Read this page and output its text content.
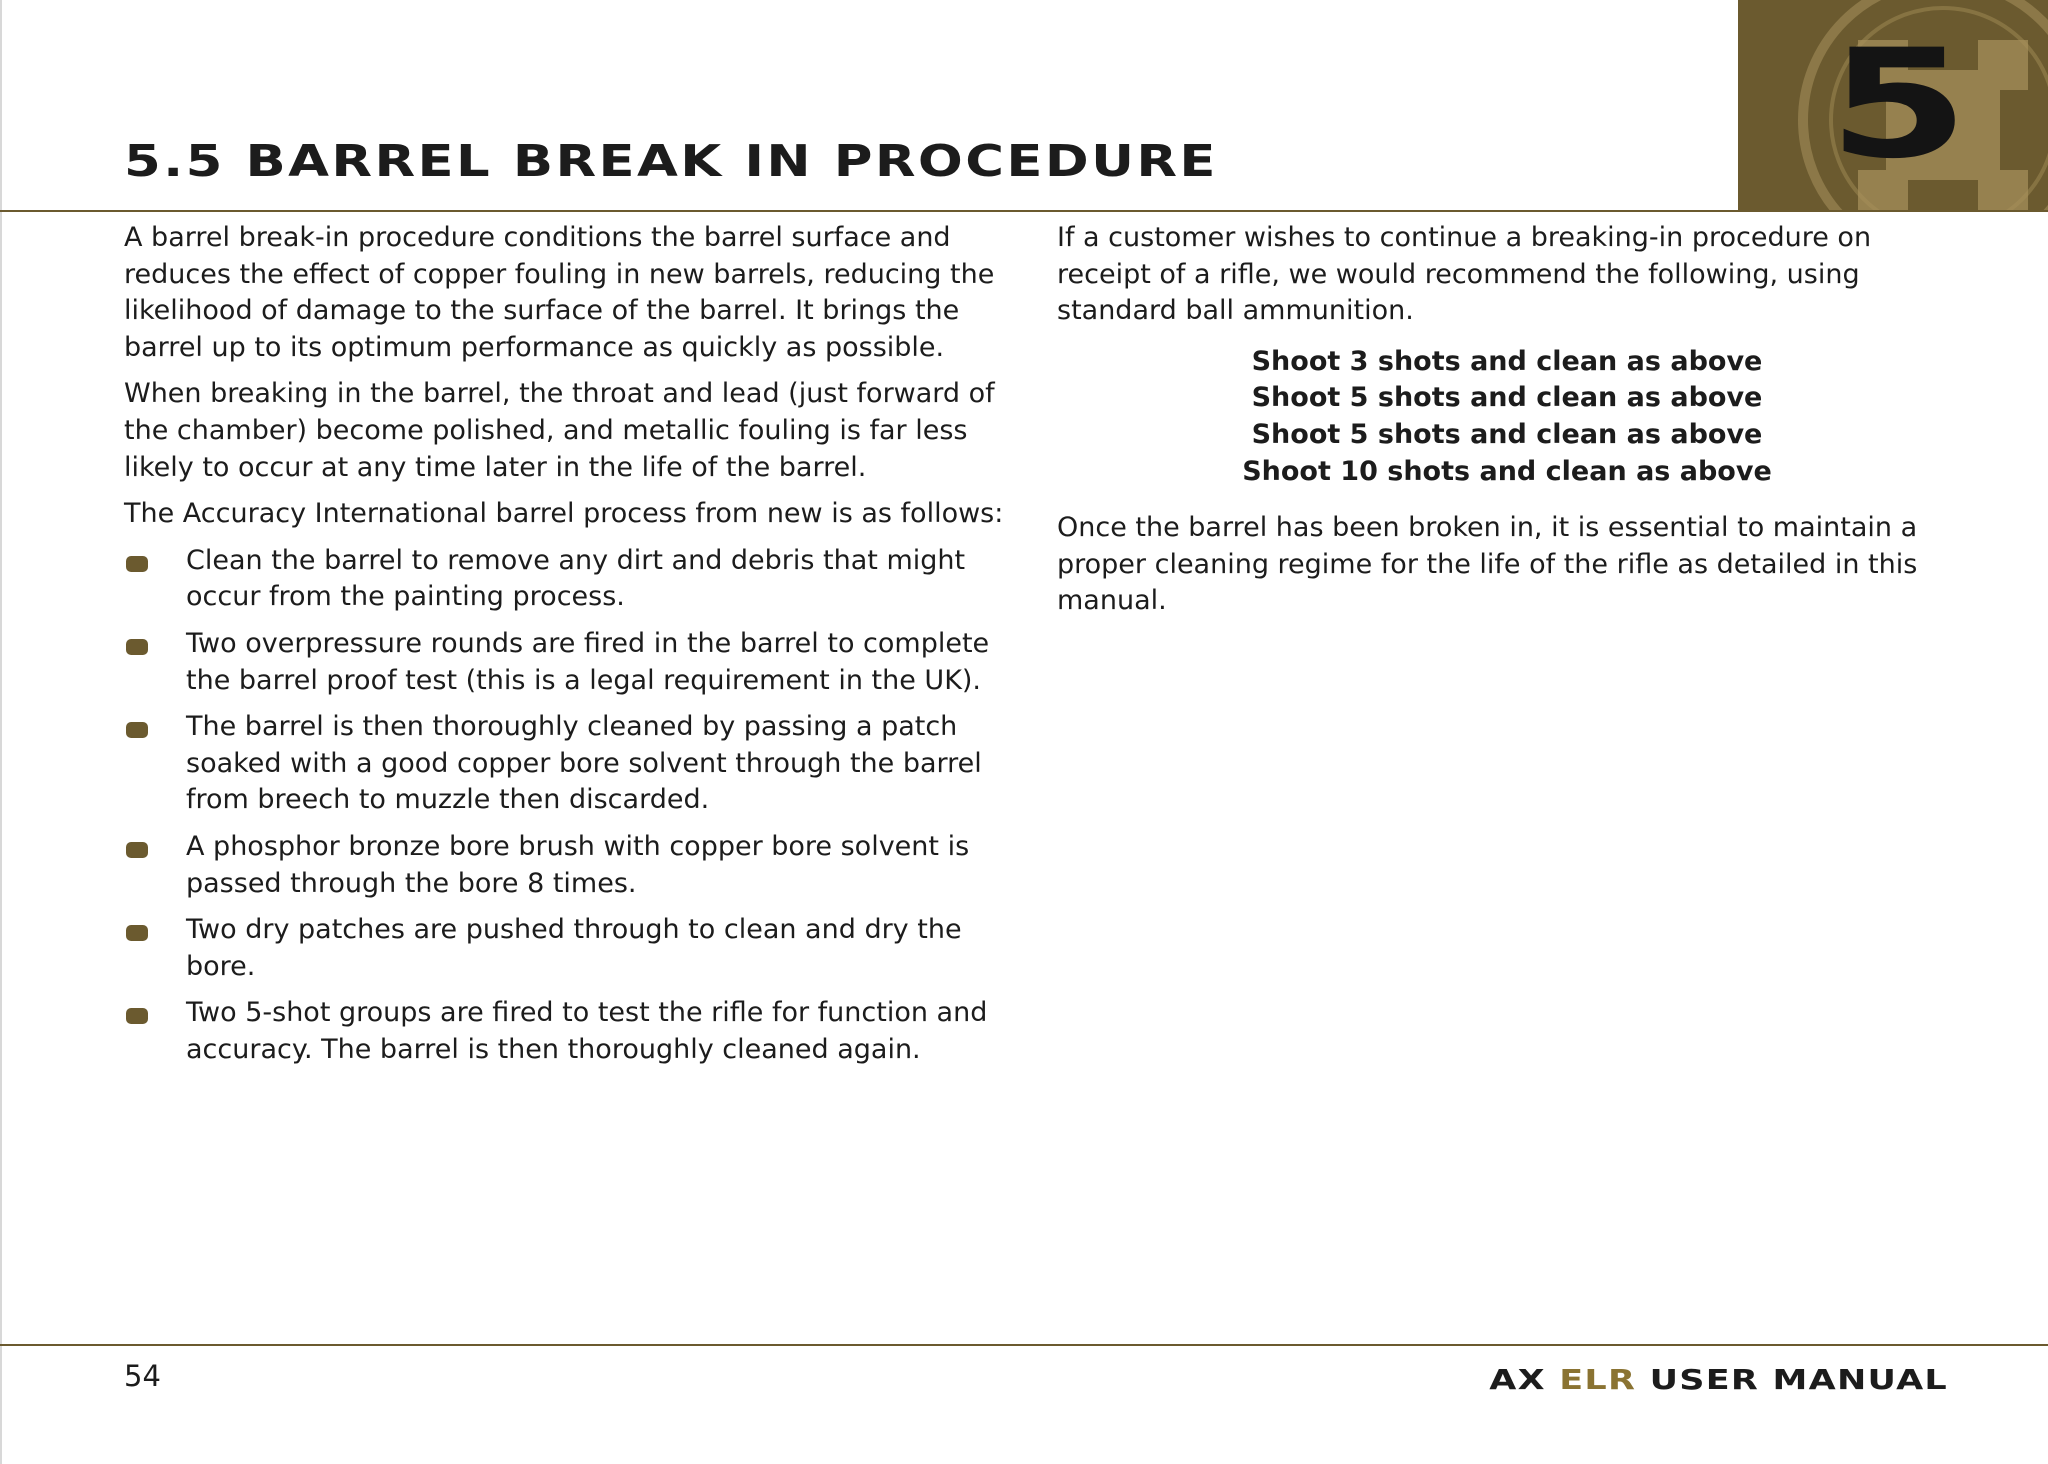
5
5.5 BARREL BREAK IN PROCEDURE

A barrel break-in procedure conditions the barrel surface and reduces the effect of copper fouling in new barrels, reducing the likelihood of damage to the surface of the barrel. It brings the barrel up to its optimum performance as quickly as possible.

When breaking in the barrel, the throat and lead (just forward of the chamber) become polished, and metallic fouling is far less likely to occur at any time later in the life of the barrel.

The Accuracy International barrel process from new is as follows:

Clean the barrel to remove any dirt and debris that might occur from the painting process.
Two overpressure rounds are fired in the barrel to complete the barrel proof test (this is a legal requirement in the UK).
The barrel is then thoroughly cleaned by passing a patch soaked with a good copper bore solvent through the barrel from breech to muzzle then discarded.
A phosphor bronze bore brush with copper bore solvent is passed through the bore 8 times.
Two dry patches are pushed through to clean and dry the bore.
Two 5-shot groups are fired to test the rifle for function and accuracy. The barrel is then thoroughly cleaned again.

If a customer wishes to continue a breaking-in procedure on receipt of a rifle, we would recommend the following, using standard ball ammunition.

Shoot 3 shots and clean as above
Shoot 5 shots and clean as above
Shoot 5 shots and clean as above
Shoot 10 shots and clean as above

Once the barrel has been broken in, it is essential to maintain a proper cleaning regime for the life of the rifle as detailed in this manual.

54	AX ELR USER MANUAL
